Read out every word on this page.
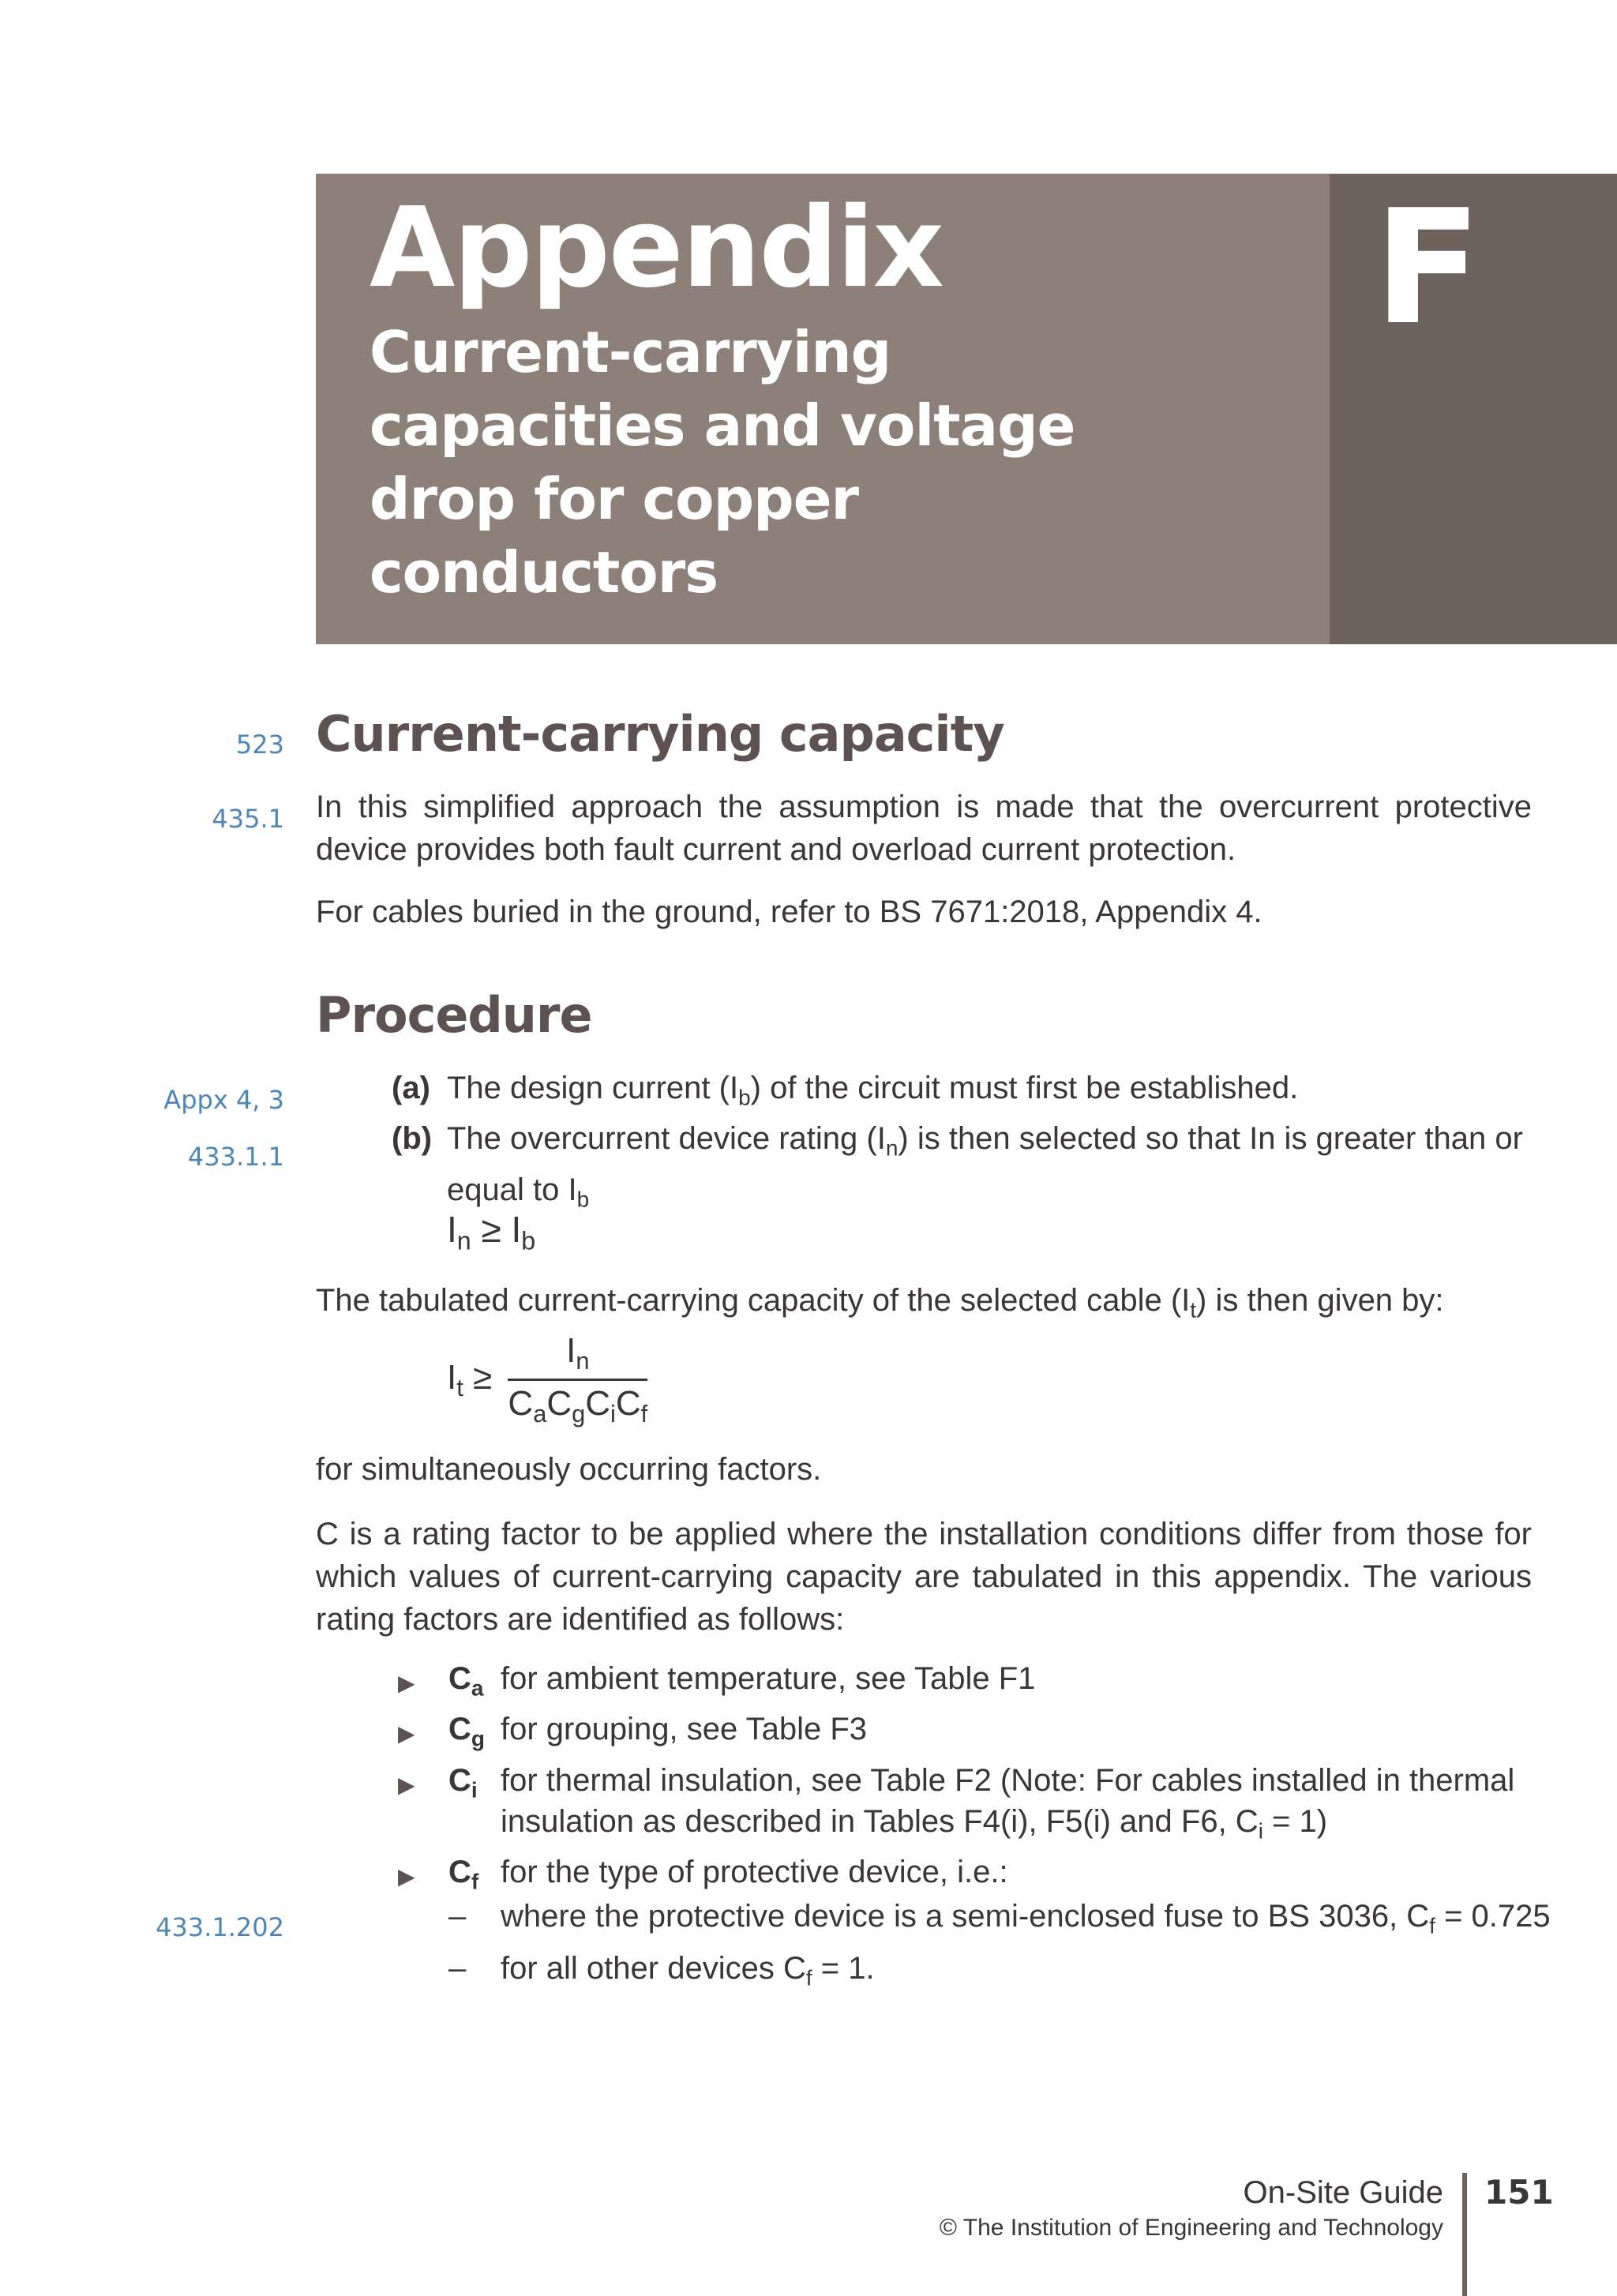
Appendix
Current-carrying
capacities and voltage
drop for copper
conductors
F
523 Current-carrying capacity
435.1 In this simplified approach the assumption is made that the overcurrent protective device provides both fault current and overload current protection.
For cables buried in the ground, refer to BS 7671:2018, Appendix 4.
Procedure
Appx 4, 3
433.1.1
(a) The design current $(I_b)$ of the circuit must first be established.
(b) The overcurrent device rating $(I_n)$ is then selected so that In is greater than or equal to $I_b$
$I_n \ge I_b$
The tabulated current-carrying capacity of the selected cable $(I_t)$ is then given by:
$I_t \ge \frac{I_n}{C_aC_gC_iC_f}$
for simultaneously occurring factors.
C is a rating factor to be applied where the installation conditions differ from those for which values of current-carrying capacity are tabulated in this appendix. The various rating factors are identified as follows:
▶	$C_a$ for ambient temperature, see Table F1
▶	$C_g$ for grouping, see Table F3
▶	$C_i$ for thermal insulation, see Table F2 (Note: For cables installed in thermal insulation as described in Tables F4(i), F5(i) and F6, $C_i = 1$)
▶	$C_f$ for the type of protective device, i.e.:
433.1.202	–	where the protective device is a semi-enclosed fuse to BS 3036, $C_f = 0.725$
–	for all other devices $C_f = 1$.
On-Site Guide
© The Institution of Engineering and Technology
151
